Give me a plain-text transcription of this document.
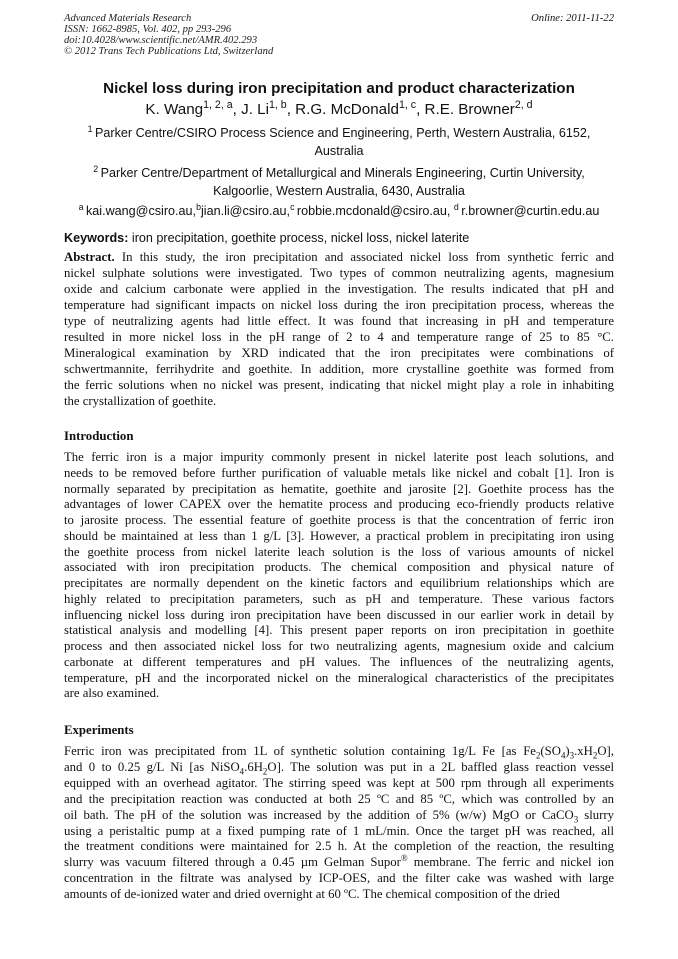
Advanced Materials Research
ISSN: 1662-8985, Vol. 402, pp 293-296
doi:10.4028/www.scientific.net/AMR.402.293
© 2012 Trans Tech Publications Ltd, Switzerland
Online: 2011-11-22
Nickel loss during iron precipitation and product characterization
K. Wang$^{1, 2, a}$, J. Li$^{1, b}$, R.G. McDonald$^{1, c}$, R.E. Browner$^{2, d}$
$^1$ Parker Centre/CSIRO Process Science and Engineering, Perth, Western Australia, 6152,
Australia
$^2$ Parker Centre/Department of Metallurgical and Minerals Engineering, Curtin University,
Kalgoorlie, Western Australia, 6430, Australia
$^a$ kai.wang@csiro.au,$^b$jian.li@csiro.au,$^c$ robbie.mcdonald@csiro.au, $^d$ r.browner@curtin.edu.au
Keywords: iron precipitation, goethite process, nickel loss, nickel laterite
Abstract. In this study, the iron precipitation and associated nickel loss from synthetic ferric and
nickel sulphate solutions were investigated. Two types of common neutralizing agents, magnesium
oxide and calcium carbonate were applied in the investigation. The results indicated that pH and
temperature had significant impacts on nickel loss during the iron precipitation process, whereas the
type of neutralizing agents had little effect. It was found that increasing in pH and temperature
resulted in more nickel loss in the pH range of 2 to 4 and temperature range of 25 to 85 °C.
Mineralogical examination by XRD indicated that the iron precipitates were combinations of
schwertmannite, ferrihydrite and goethite. In addition, more crystalline goethite was formed from
the ferric solutions when no nickel was present, indicating that nickel might play a role in inhabiting
the crystallization of goethite.
Introduction
The ferric iron is a major impurity commonly present in nickel laterite post leach solutions, and
needs to be removed before further purification of valuable metals like nickel and cobalt [1]. Iron is
normally separated by precipitation as hematite, goethite and jarosite [2]. Goethite process has the
advantages of lower CAPEX over the hematite process and producing eco-friendly products relative
to jarosite process. The essential feature of goethite process is that the concentration of ferric iron
should be maintained at less than 1 g/L [3]. However, a practical problem in precipitating iron using
the goethite process from nickel laterite leach solution is the loss of various amounts of nickel
associated with iron precipitation products. The chemical composition and physical nature of
precipitates are normally dependent on the kinetic factors and equilibrium relationships which are
highly related to precipitation parameters, such as pH and temperature. These various factors
influencing nickel loss during iron precipitation have been discussed in our earlier work in detail by
statistical analysis and modelling [4]. This present paper reports on iron precipitation in goethite
process and then associated nickel loss for two neutralizing agents, magnesium oxide and calcium
carbonate at different temperatures and pH values. The influences of the neutralizing agents,
temperature, pH and the incorporated nickel on the mineralogical characteristics of the precipitates
are also examined.
Experiments
Ferric iron was precipitated from 1L of synthetic solution containing 1g/L Fe [as $Fe_2(SO_4)_3.xH_2O$],
and 0 to 0.25 g/L Ni [as $NiSO_4.6H_2O$]. The solution was put in a 2L baffled glass reaction vessel
equipped with an overhead agitator. The stirring speed was kept at 500 rpm through all experiments
and the precipitation reaction was conducted at both 25 ºC and 85 ºC, which was controlled by an
oil bath. The pH of the solution was increased by the addition of 5% (w/w) MgO or CaCO$_3$ slurry
using a peristaltic pump at a fixed pumping rate of 1 mL/min. Once the target pH was reached, all
the treatment conditions were maintained for 2.5 h. At the completion of the reaction, the resulting
slurry was vacuum filtered through a 0.45 µm Gelman Supor® membrane. The ferric and nickel ion
concentration in the filtrate was analysed by ICP-OES, and the filter cake was washed with large
amounts of de-ionized water and dried overnight at 60 ºC. The chemical composition of the dried
